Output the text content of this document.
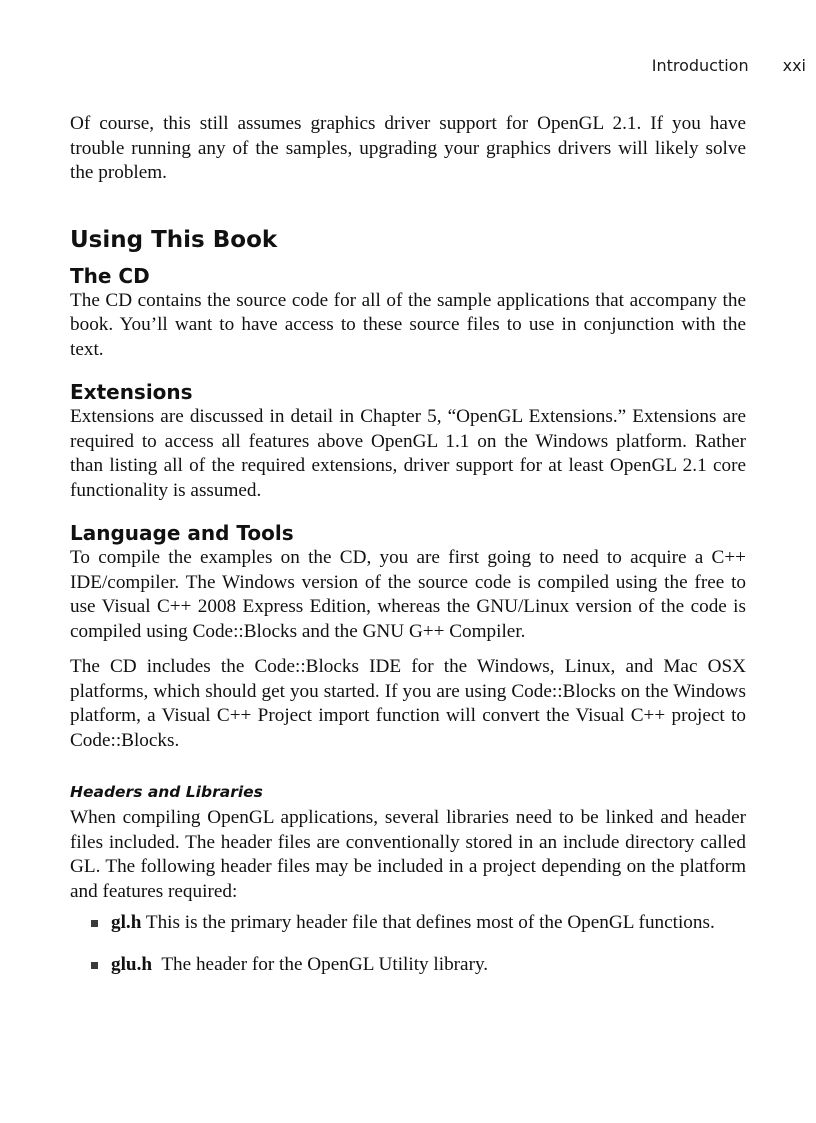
Introduction xxi

Of course, this still assumes graphics driver support for OpenGL 2.1. If you have trouble running any of the samples, upgrading your graphics drivers will likely solve the problem.

Using This Book
The CD

The CD contains the source code for all of the sample applications that accompany the book. You’ll want to have access to these source files to use in conjunction with the text.

Extensions

Extensions are discussed in detail in Chapter 5, “OpenGL Extensions.” Extensions are required to access all features above OpenGL 1.1 on the Windows platform. Rather than listing all of the required extensions, driver support for at least OpenGL 2.1 core functionality is assumed.

Language and Tools

To compile the examples on the CD, you are first going to need to acquire a C++ IDE/compiler. The Windows version of the source code is compiled using the free to use Visual C++ 2008 Express Edition, whereas the GNU/Linux version of the code is compiled using Code::Blocks and the GNU G++ Compiler.

The CD includes the Code::Blocks IDE for the Windows, Linux, and Mac OSX platforms, which should get you started. If you are using Code::Blocks on the Windows platform, a Visual C++ Project import function will convert the Visual C++ project to Code::Blocks.

Headers and Libraries

When compiling OpenGL applications, several libraries need to be linked and header files included. The header files are conventionally stored in an include directory called GL. The following header files may be included in a project depending on the platform and features required:

gl.h This is the primary header file that defines most of the OpenGL functions.

glu.h The header for the OpenGL Utility library.
